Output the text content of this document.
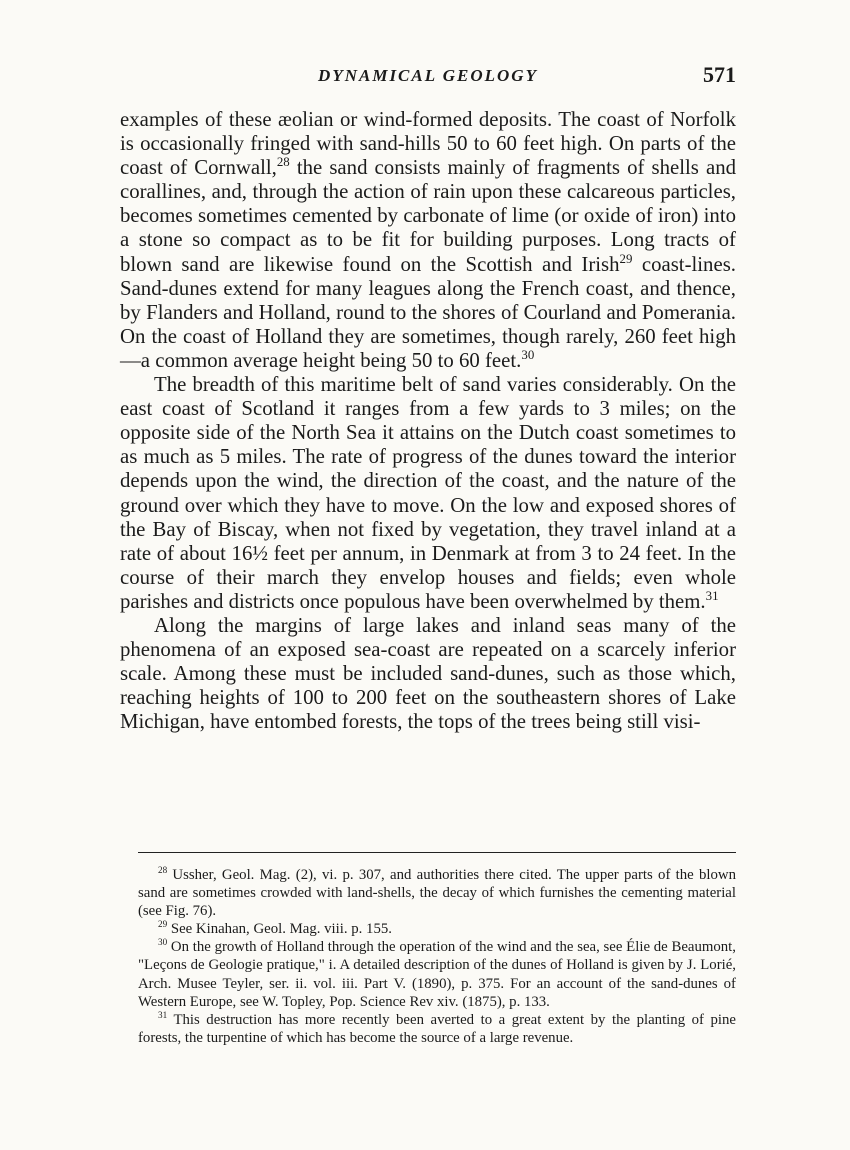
DYNAMICAL GEOLOGY	571

examples of these æolian or wind-formed deposits. The coast of Norfolk is occasionally fringed with sand-hills 50 to 60 feet high. On parts of the coast of Cornwall,$^{28}$ the sand consists mainly of fragments of shells and corallines, and, through the action of rain upon these calcareous particles, becomes sometimes cemented by carbonate of lime (or oxide of iron) into a stone so compact as to be fit for building purposes. Long tracts of blown sand are likewise found on the Scottish and Irish$^{29}$ coast-lines. Sand-dunes extend for many leagues along the French coast, and thence, by Flanders and Holland, round to the shores of Courland and Pomerania. On the coast of Holland they are sometimes, though rarely, 260 feet high—a common average height being 50 to 60 feet.$^{30}$

The breadth of this maritime belt of sand varies considerably. On the east coast of Scotland it ranges from a few yards to 3 miles; on the opposite side of the North Sea it attains on the Dutch coast sometimes to as much as 5 miles. The rate of progress of the dunes toward the interior depends upon the wind, the direction of the coast, and the nature of the ground over which they have to move. On the low and exposed shores of the Bay of Biscay, when not fixed by vegetation, they travel inland at a rate of about 16½ feet per annum, in Denmark at from 3 to 24 feet. In the course of their march they envelop houses and fields; even whole parishes and districts once populous have been overwhelmed by them.$^{31}$

Along the margins of large lakes and inland seas many of the phenomena of an exposed sea-coast are repeated on a scarcely inferior scale. Among these must be included sand-dunes, such as those which, reaching heights of 100 to 200 feet on the southeastern shores of Lake Michigan, have entombed forests, the tops of the trees being still visi-

$^{28}$ Ussher, Geol. Mag. (2), vi. p. 307, and authorities there cited. The upper parts of the blown sand are sometimes crowded with land-shells, the decay of which furnishes the cementing material (see Fig. 76).

$^{29}$ See Kinahan, Geol. Mag. viii. p. 155.

$^{30}$ On the growth of Holland through the operation of the wind and the sea, see Élie de Beaumont, "Leçons de Geologie pratique," i. A detailed description of the dunes of Holland is given by J. Lorié, Arch. Musee Teyler, ser. ii. vol. iii. Part V. (1890), p. 375. For an account of the sand-dunes of Western Europe, see W. Topley, Pop. Science Rev xiv. (1875), p. 133.

$^{31}$ This destruction has more recently been averted to a great extent by the planting of pine forests, the turpentine of which has become the source of a large revenue.
